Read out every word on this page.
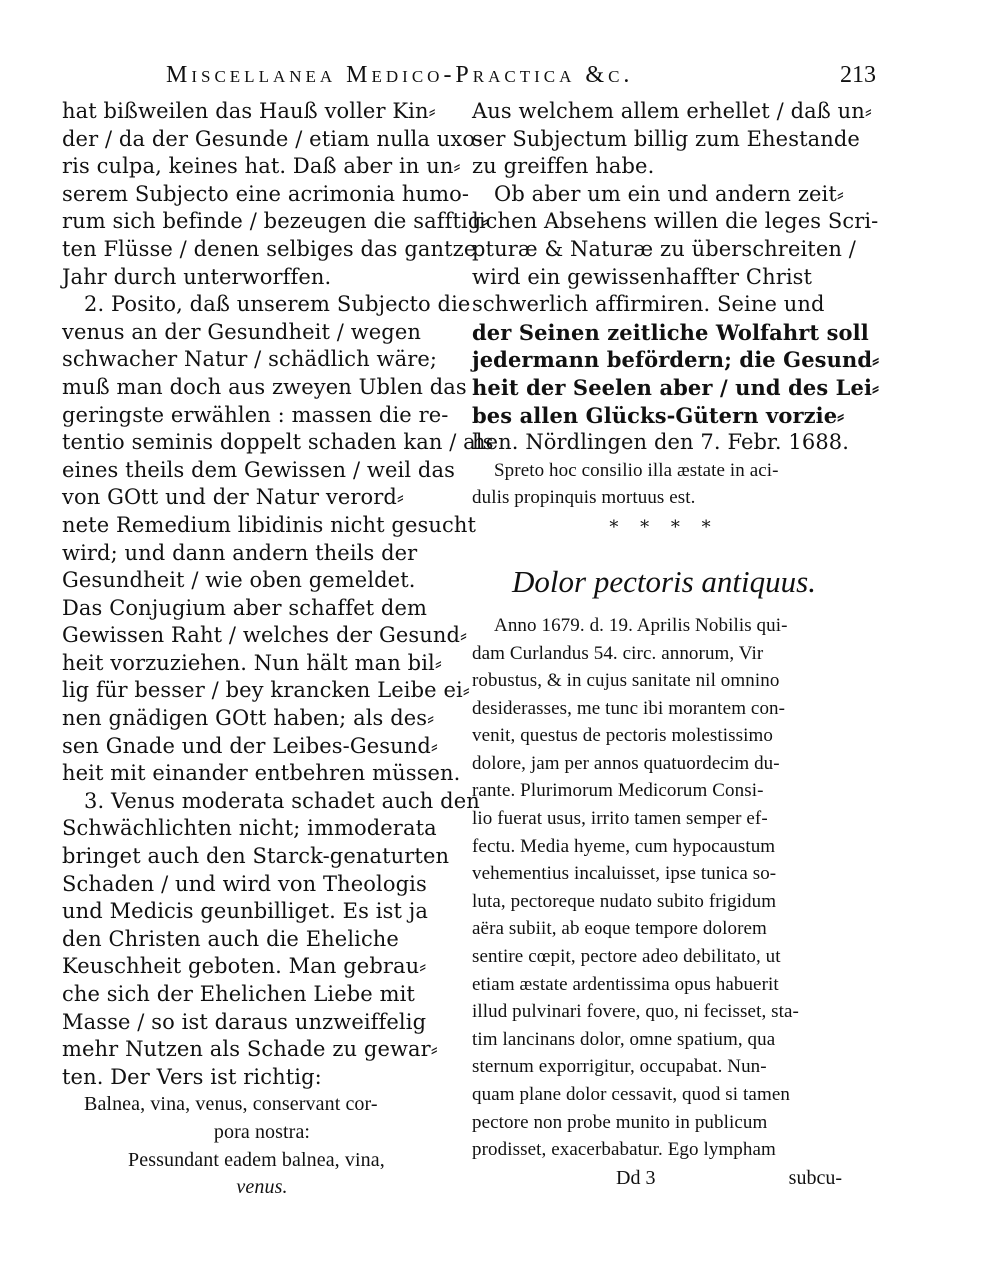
Miscellanea Medico-Practica &c.	213
hat bißweilen das Hauß voller Kin⸗
der / da der Gesunde / etiam nulla uxo-
ris culpa, keines hat. Daß aber in un⸗
serem Subjecto eine acrimonia humo-
rum sich befinde / bezeugen die safftig⸗
ten Flüsse / denen selbiges das gantze
Jahr durch unterworffen.
2. Posito, daß unserem Subjecto die
venus an der Gesundheit / wegen
schwacher Natur / schädlich wäre;
muß man doch aus zweyen Ublen das
geringste erwählen : massen die re-
tentio seminis doppelt schaden kan / als
eines theils dem Gewissen / weil das
von GOtt und der Natur verord⸗
nete Remedium libidinis nicht gesucht
wird; und dann andern theils der
Gesundheit / wie oben gemeldet.
Das Conjugium aber schaffet dem
Gewissen Raht / welches der Gesund⸗
heit vorzuziehen. Nun hält man bil⸗
lig für besser / bey krancken Leibe ei⸗
nen gnädigen GOtt haben; als des⸗
sen Gnade und der Leibes-Gesund⸗
heit mit einander entbehren müssen.
3. Venus moderata schadet auch den
Schwächlichten nicht; immoderata
bringet auch den Starck-genaturten
Schaden / und wird von Theologis
und Medicis geunbilliget. Es ist ja
den Christen auch die Eheliche
Keuschheit geboten. Man gebrau⸗
che sich der Ehelichen Liebe mit
Masse / so ist daraus unzweiffelig
mehr Nutzen als Schade zu gewar⸗
ten. Der Vers ist richtig:
Balnea, vina, venus, conservant cor-
pora nostra:
Pessundant eadem balnea, vina,
venus.
Aus welchem allem erhellet / daß un⸗
ser Subjectum billig zum Ehestande
zu greiffen habe.
Ob aber um ein und andern zeit⸗
lichen Absehens willen die leges Scri-
pturæ & Naturæ zu überschreiten /
wird ein gewissenhaffter Christ
schwerlich affirmiren. Seine und
der Seinen zeitliche Wolfahrt soll
jedermann befördern; die Gesund⸗
heit der Seelen aber / und des Lei⸗
bes allen Glücks-Gütern vorzie⸗
hen. Nördlingen den 7. Febr. 1688.
Spreto hoc consilio illa æstate in aci-
dulis propinquis mortuus est.
* * * *
Dolor pectoris antiquus.
Anno 1679. d. 19. Aprilis Nobilis qui-
dam Curlandus 54. circ. annorum, Vir
robustus, & in cujus sanitate nil omnino
desiderasses, me tunc ibi morantem con-
venit, questus de pectoris molestissimo
dolore, jam per annos quatuordecim du-
rante. Plurimorum Medicorum Consi-
lio fuerat usus, irrito tamen semper ef-
fectu. Media hyeme, cum hypocaustum
vehementius incaluisset, ipse tunica so-
luta, pectoreque nudato subito frigidum
aëra subiit, ab eoque tempore dolorem
sentire cœpit, pectore adeo debilitato, ut
etiam æstate ardentissima opus habuerit
illud pulvinari fovere, quo, ni fecisset, sta-
tim lancinans dolor, omne spatium, qua
sternum exporrigitur, occupabat. Nun-
quam plane dolor cessavit, quod si tamen
pectore non probe munito in publicum
prodisset, exacerbabatur. Ego lympham
Dd 3	subcu-
